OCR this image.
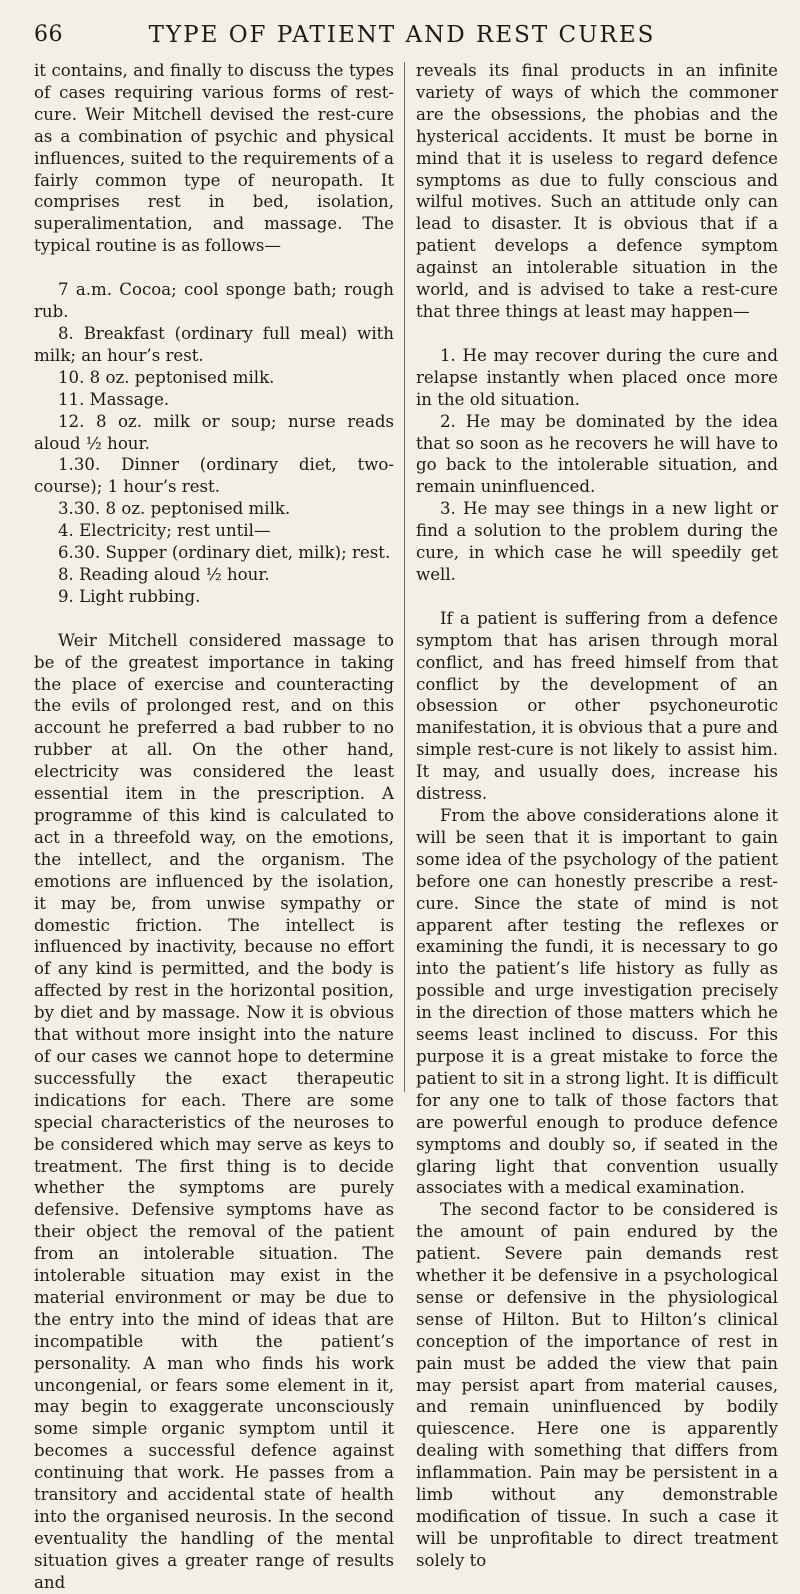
66	TYPE OF PATIENT AND REST CURES

it contains, and finally to discuss the types of cases requiring various forms of rest-cure. Weir Mitchell devised the rest-cure as a combination of psychic and physical influences, suited to the requirements of a fairly common type of neuropath. It comprises rest in bed, isolation, superalimentation, and massage. The typical routine is as follows—

7 a.m. Cocoa; cool sponge bath; rough rub.

8. Breakfast (ordinary full meal) with milk; an hour’s rest.

10. 8 oz. peptonised milk.

11. Massage.

12. 8 oz. milk or soup; nurse reads aloud ½ hour.

1.30. Dinner (ordinary diet, two-course); 1 hour’s rest.

3.30. 8 oz. peptonised milk.

4. Electricity; rest until—

6.30. Supper (ordinary diet, milk); rest.

8. Reading aloud ½ hour.

9. Light rubbing.

Weir Mitchell considered massage to be of the greatest importance in taking the place of exercise and counteracting the evils of prolonged rest, and on this account he preferred a bad rubber to no rubber at all. On the other hand, electricity was considered the least essential item in the prescription. A programme of this kind is calculated to act in a threefold way, on the emotions, the intellect, and the organism. The emotions are influenced by the isolation, it may be, from unwise sympathy or domestic friction. The intellect is influenced by inactivity, because no effort of any kind is permitted, and the body is affected by rest in the horizontal position, by diet and by massage. Now it is obvious that without more insight into the nature of our cases we cannot hope to determine successfully the exact therapeutic indications for each. There are some special characteristics of the neuroses to be considered which may serve as keys to treatment. The first thing is to decide whether the symptoms are purely defensive. Defensive symptoms have as their object the removal of the patient from an intolerable situation. The intolerable situation may exist in the material environment or may be due to the entry into the mind of ideas that are incompatible with the patient’s personality. A man who finds his work uncongenial, or fears some element in it, may begin to exaggerate unconsciously some simple organic symptom until it becomes a successful defence against continuing that work. He passes from a transitory and accidental state of health into the organised neurosis. In the second eventuality the handling of the mental situation gives a greater range of results and

reveals its final products in an infinite variety of ways of which the commoner are the obsessions, the phobias and the hysterical accidents. It must be borne in mind that it is useless to regard defence symptoms as due to fully conscious and wilful motives. Such an attitude only can lead to disaster. It is obvious that if a patient develops a defence symptom against an intolerable situation in the world, and is advised to take a rest-cure that three things at least may happen—

1. He may recover during the cure and relapse instantly when placed once more in the old situation.

2. He may be dominated by the idea that so soon as he recovers he will have to go back to the intolerable situation, and remain uninfluenced.

3. He may see things in a new light or find a solution to the problem during the cure, in which case he will speedily get well.

If a patient is suffering from a defence symptom that has arisen through moral conflict, and has freed himself from that conflict by the development of an obsession or other psychoneurotic manifestation, it is obvious that a pure and simple rest-cure is not likely to assist him. It may, and usually does, increase his distress.

From the above considerations alone it will be seen that it is important to gain some idea of the psychology of the patient before one can honestly prescribe a rest-cure. Since the state of mind is not apparent after testing the reflexes or examining the fundi, it is necessary to go into the patient’s life history as fully as possible and urge investigation precisely in the direction of those matters which he seems least inclined to discuss. For this purpose it is a great mistake to force the patient to sit in a strong light. It is difficult for any one to talk of those factors that are powerful enough to produce defence symptoms and doubly so, if seated in the glaring light that convention usually associates with a medical examination.

The second factor to be considered is the amount of pain endured by the patient. Severe pain demands rest whether it be defensive in a psychological sense or defensive in the physiological sense of Hilton. But to Hilton’s clinical conception of the importance of rest in pain must be added the view that pain may persist apart from material causes, and remain uninfluenced by bodily quiescence. Here one is apparently dealing with something that differs from inflammation. Pain may be persistent in a limb without any demonstrable modification of tissue. In such a case it will be unprofitable to direct treatment solely to
